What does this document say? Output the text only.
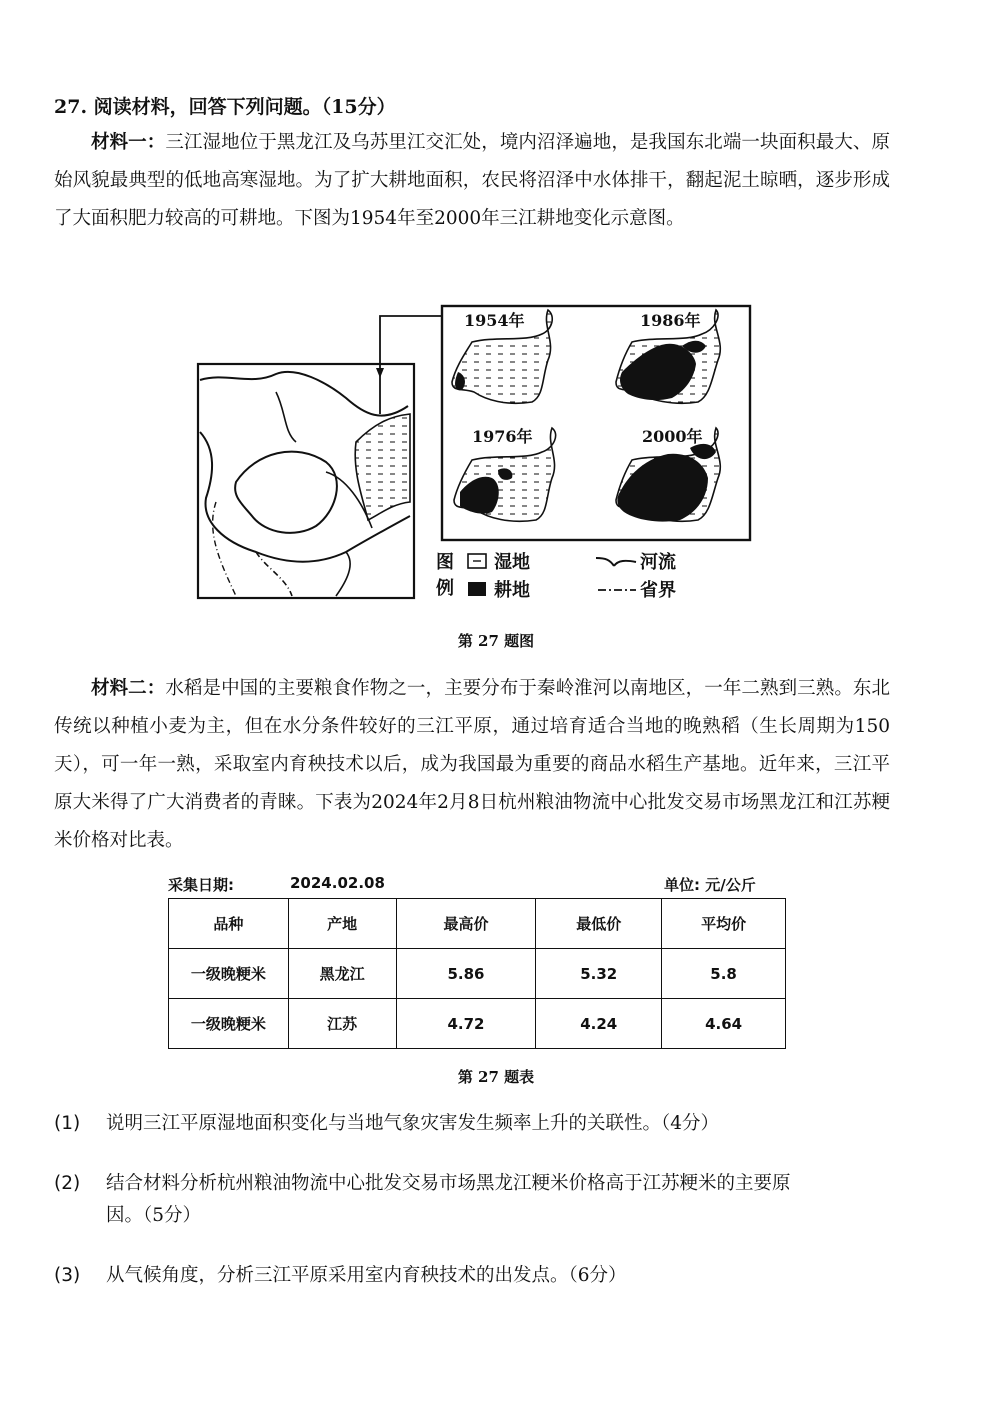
27. 阅读材料，回答下列问题。（15分）
材料一：三江湿地位于黑龙江及乌苏里江交汇处，境内沼泽遍地，是我国东北端一块面积最大、原始风貌最典型的低地高寒湿地。为了扩大耕地面积，农民将沼泽中水体排干，翻起泥土晾晒，逐步形成了大面积肥力较高的可耕地。下图为1954年至2000年三江耕地变化示意图。
1954年	1986年
1976年	2000年
图
例
湿地
耕地
河流
省界
第 27 题图
材料二：水稻是中国的主要粮食作物之一，主要分布于秦岭淮河以南地区，一年二熟到三熟。东北传统以种植小麦为主，但在水分条件较好的三江平原，通过培育适合当地的晚熟稻（生长周期为150天），可一年一熟，采取室内育秧技术以后，成为我国最为重要的商品水稻生产基地。近年来，三江平原大米得了广大消费者的青睐。下表为2024年2月8日杭州粮油物流中心批发交易市场黑龙江和江苏粳米价格对比表。
采集日期:	2024.02.08	单位: 元/公斤
品种	产地	最高价	最低价	平均价
一级晚粳米	黑龙江	5.86	5.32	5.8
一级晚粳米	江苏	4.72	4.24	4.64
第 27 题表
(1) 说明三江平原湿地面积变化与当地气象灾害发生频率上升的关联性。（4分）
(2) 结合材料分析杭州粮油物流中心批发交易市场黑龙江粳米价格高于江苏粳米的主要原
因。（5分）
(3) 从气候角度，分析三江平原采用室内育秧技术的出发点。（6分）
